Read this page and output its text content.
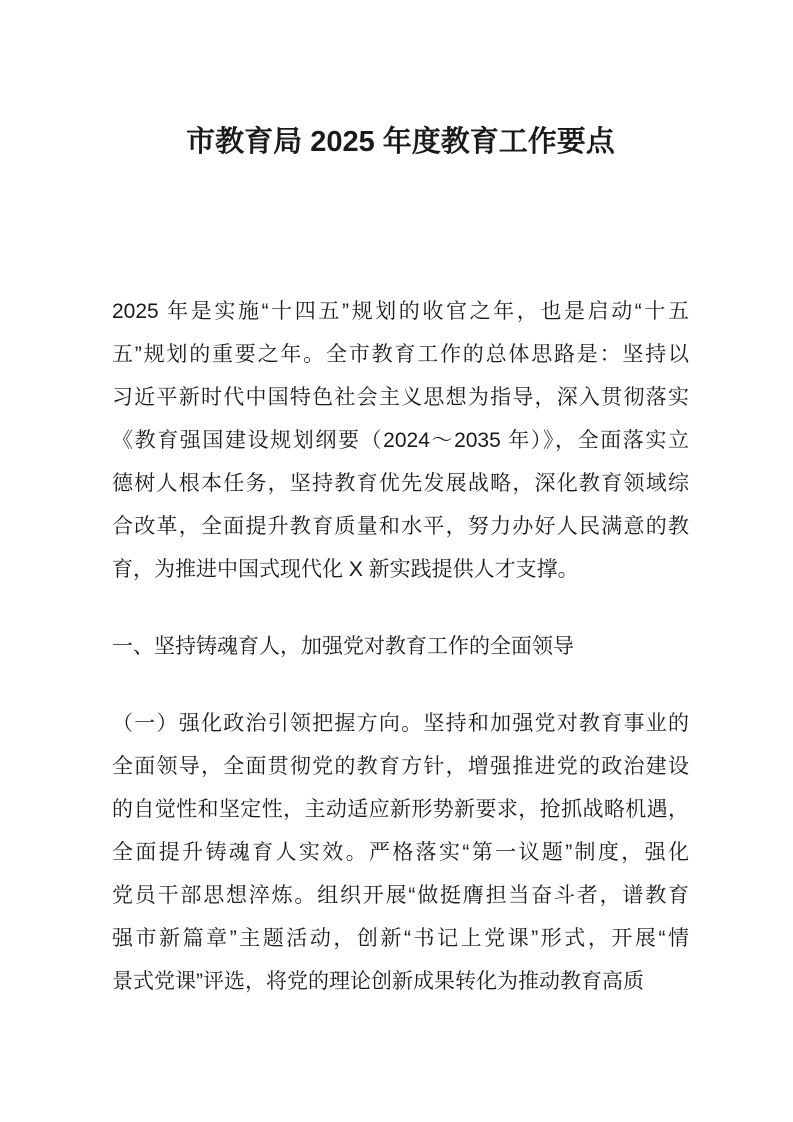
市教育局 2025 年度教育工作要点
2025 年是实施“十四五”规划的收官之年，也是启动“十五
五”规划的重要之年。全市教育工作的总体思路是：坚持以
习近平新时代中国特色社会主义思想为指导，深入贯彻落实
《教育强国建设规划纲要（2024～2035 年）》，全面落实立
德树人根本任务，坚持教育优先发展战略，深化教育领域综
合改革，全面提升教育质量和水平，努力办好人民满意的教
育，为推进中国式现代化 X 新实践提供人才支撑。
一、坚持铸魂育人，加强党对教育工作的全面领导
（一）强化政治引领把握方向。坚持和加强党对教育事业的
全面领导，全面贯彻党的教育方针，增强推进党的政治建设
的自觉性和坚定性，主动适应新形势新要求，抢抓战略机遇，
全面提升铸魂育人实效。严格落实“第一议题”制度，强化
党员干部思想淬炼。组织开展“做挺膺担当奋斗者，谱教育
强市新篇章”主题活动，创新“书记上党课”形式，开展“情
景式党课”评选，将党的理论创新成果转化为推动教育高质
